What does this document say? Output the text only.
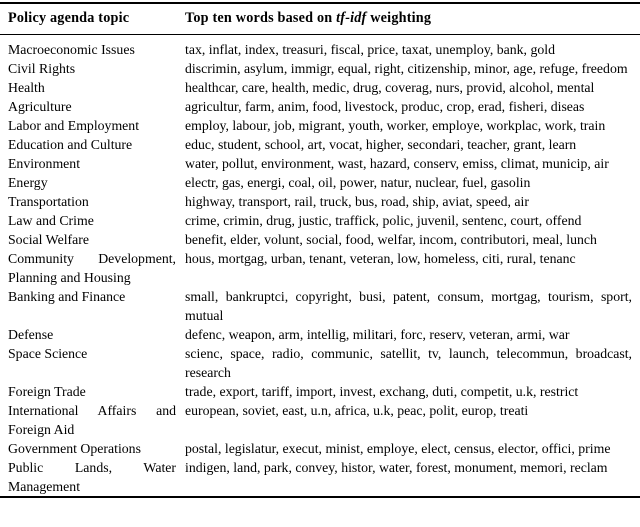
Policy agenda topic	Top ten words based on tf-idf weighting
Macroeconomic Issues	tax, inflat, index, treasuri, fiscal, price, taxat, unemploy, bank, gold
Civil Rights	discrimin, asylum, immigr, equal, right, citizenship, minor, age, refuge, freedom
Health	healthcar, care, health, medic, drug, coverag, nurs, provid, alcohol, mental
Agriculture	agricultur, farm, anim, food, livestock, produc, crop, erad, fisheri, diseas
Labor and Employment	employ, labour, job, migrant, youth, worker, employe, workplac, work, train
Education and Culture	educ, student, school, art, vocat, higher, secondari, teacher, grant, learn
Environment	water, pollut, environment, wast, hazard, conserv, emiss, climat, municip, air
Energy	electr, gas, energi, coal, oil, power, natur, nuclear, fuel, gasolin
Transportation	highway, transport, rail, truck, bus, road, ship, aviat, speed, air
Law and Crime	crime, crimin, drug, justic, traffick, polic, juvenil, sentenc, court, offend
Social Welfare	benefit, elder, volunt, social, food, welfar, incom, contributori, meal, lunch
Community Development, Planning and Housing	hous, mortgag, urban, tenant, veteran, low, homeless, citi, rural, tenanc
Banking and Finance	small, bankruptci, copyright, busi, patent, consum, mortgag, tourism, sport, mutual
Defense	defenc, weapon, arm, intellig, militari, forc, reserv, veteran, armi, war
Space Science	scienc, space, radio, communic, satellit, tv, launch, telecommun, broadcast, research
Foreign Trade	trade, export, tariff, import, invest, exchang, duti, competit, u.k, restrict
International Affairs and Foreign Aid	european, soviet, east, u.n, africa, u.k, peac, polit, europ, treati
Government Operations	postal, legislatur, execut, minist, employe, elect, census, elector, offici, prime
Public Lands, Water Management	indigen, land, park, convey, histor, water, forest, monument, memori, reclam
